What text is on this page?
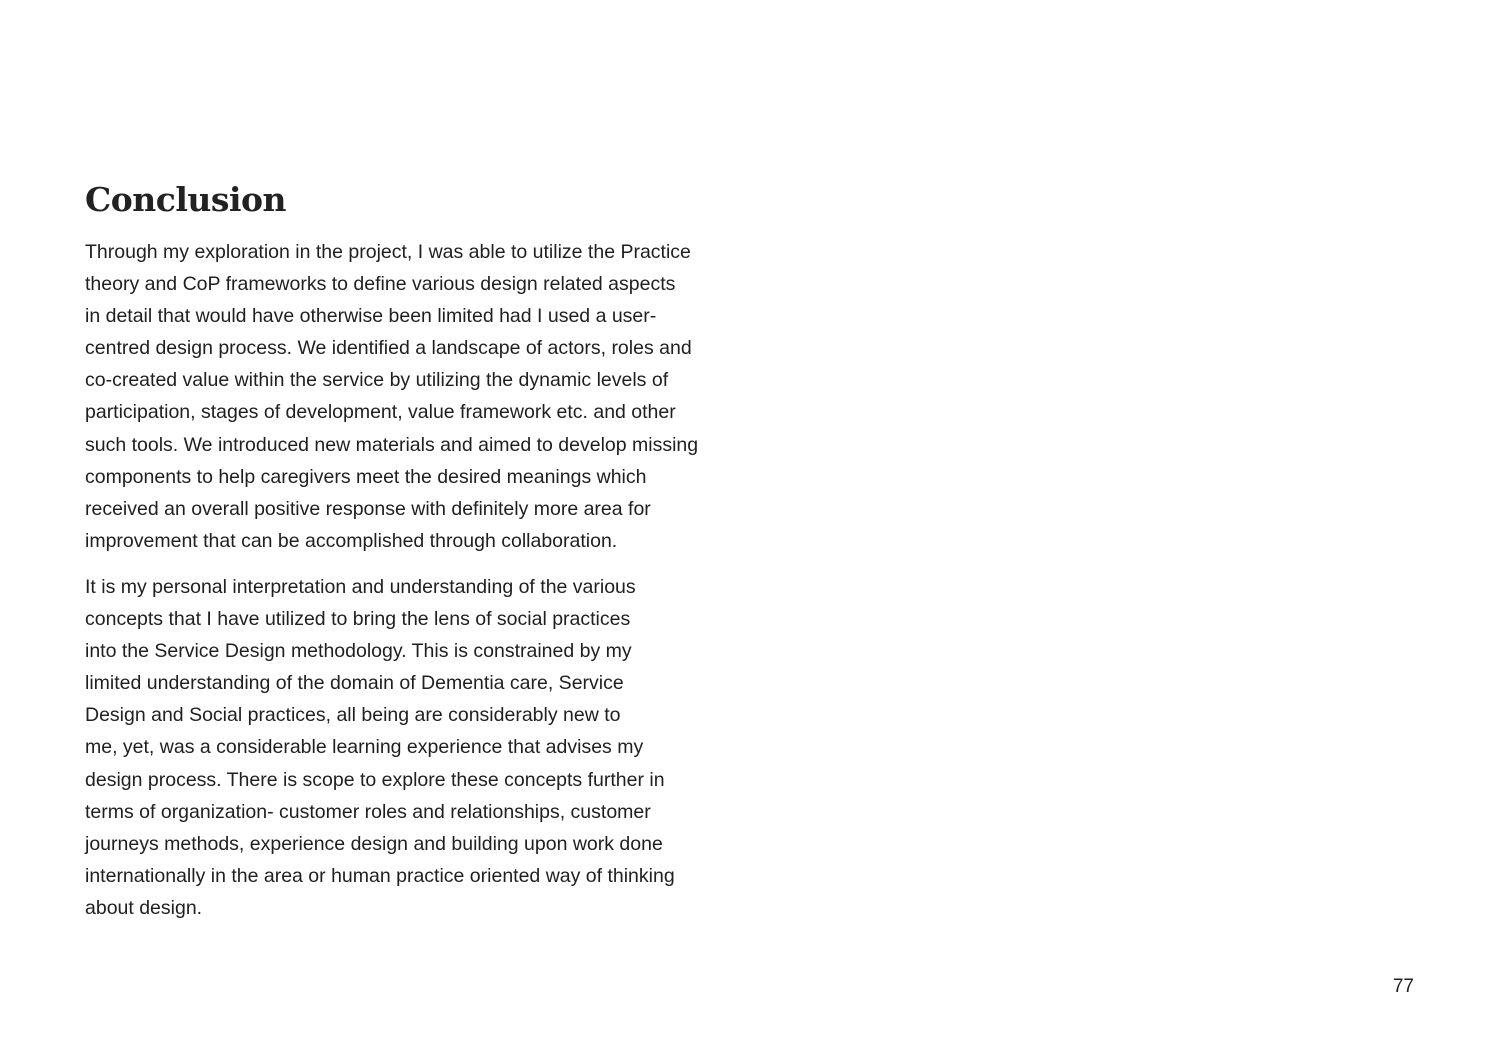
Conclusion

Through my exploration in the project, I was able to utilize the Practice
theory and CoP frameworks to define various design related aspects
in detail that would have otherwise been limited had I used a user-
centred design process. We identified a landscape of actors, roles and
co-created value within the service by utilizing the dynamic levels of
participation, stages of development, value framework etc. and other
such tools. We introduced new materials and aimed to develop missing
components to help caregivers meet the desired meanings which
received an overall positive response with definitely more area for
improvement that can be accomplished through collaboration.

It is my personal interpretation and understanding of the various
concepts that I have utilized to bring the lens of social practices
into the Service Design methodology. This is constrained by my
limited understanding of the domain of Dementia care, Service
Design and Social practices, all being are considerably new to
me, yet, was a considerable learning experience that advises my
design process. There is scope to explore these concepts further in
terms of organization- customer roles and relationships, customer
journeys methods, experience design and building upon work done
internationally in the area or human practice oriented way of thinking
about design.

77
